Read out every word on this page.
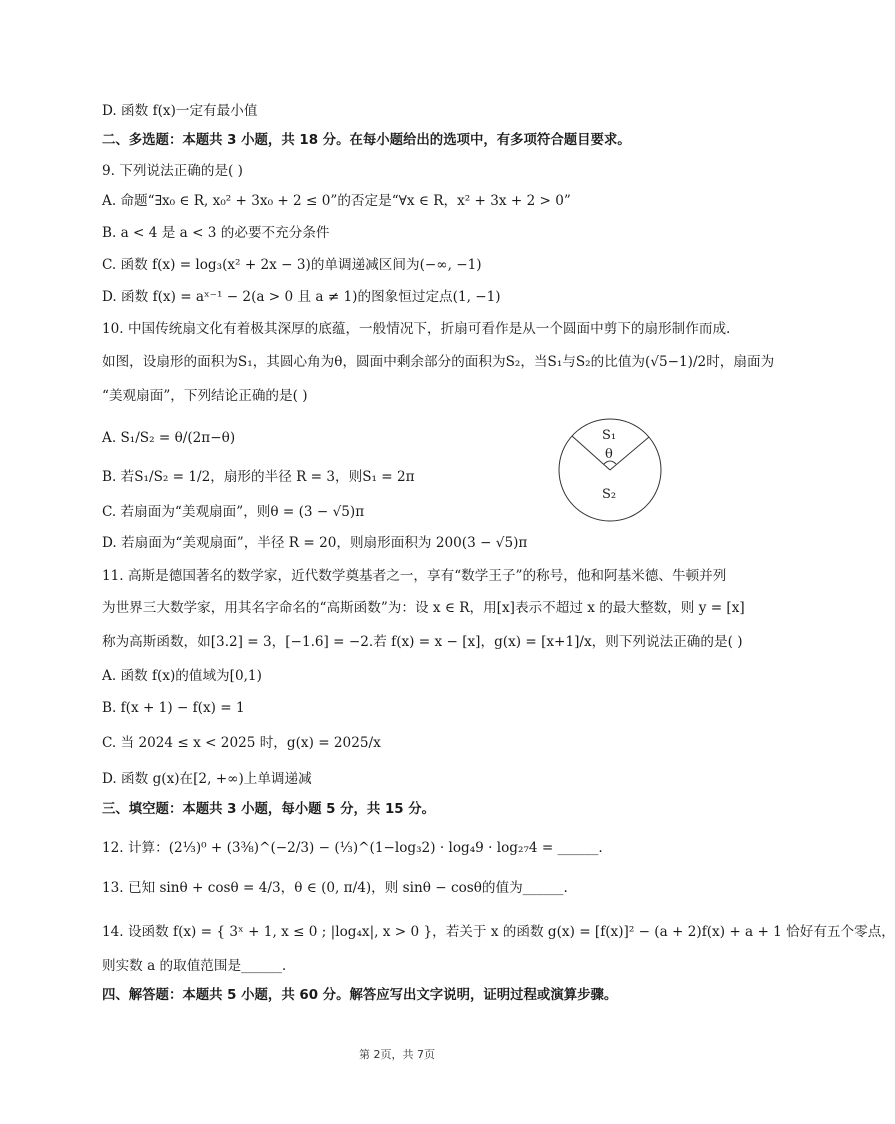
D. 函数 f(x)一定有最小值
二、多选题：本题共 3 小题，共 18 分。在每小题给出的选项中，有多项符合题目要求。
9. 下列说法正确的是( )
A. 命题“∃x₀ ∈ R, x₀² + 3x₀ + 2 ≤ 0”的否定是“∀x ∈ R，x² + 3x + 2 > 0”
B. a < 4 是 a < 3 的必要不充分条件
C. 函数 f(x) = log₃(x² + 2x − 3)的单调递减区间为(−∞, −1)
D. 函数 f(x) = aˣ⁻¹ − 2(a > 0 且 a ≠ 1)的图象恒过定点(1, −1)
10. 中国传统扇文化有着极其深厚的底蕴，一般情况下，折扇可看作是从一个圆面中剪下的扇形制作而成.
如图，设扇形的面积为S₁，其圆心角为θ，圆面中剩余部分的面积为S₂，当S₁与S₂的比值为(√5−1)/2时，扇面为
“美观扇面”，下列结论正确的是( )
A. S₁/S₂ = θ/(2π−θ)
B. 若S₁/S₂ = 1/2，扇形的半径 R = 3，则S₁ = 2π
C. 若扇面为“美观扇面”，则θ = (3 − √5)π
D. 若扇面为“美观扇面”，半径 R = 20，则扇形面积为 200(3 − √5)π
11. 高斯是德国著名的数学家，近代数学奠基者之一，享有“数学王子”的称号，他和阿基米德、牛顿并列
为世界三大数学家，用其名字命名的“高斯函数”为：设 x ∈ R，用[x]表示不超过 x 的最大整数，则 y = [x]
称为高斯函数，如[3.2] = 3，[−1.6] = −2.若 f(x) = x − [x]，g(x) = [x+1]/x，则下列说法正确的是( )
A. 函数 f(x)的值域为[0,1)
B. f(x + 1) − f(x) = 1
C. 当 2024 ≤ x < 2025 时，g(x) = 2025/x
D. 函数 g(x)在[2, +∞)上单调递减
三、填空题：本题共 3 小题，每小题 5 分，共 15 分。
12. 计算：(2⅓)⁰ + (3⅜)^(−2/3) − (⅓)^(1−log₃2) · log₄9 · log₂₇4 = ______.
13. 已知 sinθ + cosθ = 4/3，θ ∈ (0, π/4)，则 sinθ − cosθ的值为______.
14. 设函数 f(x) = { 3ˣ + 1, x ≤ 0 ; |log₄x|, x > 0 }，若关于 x 的函数 g(x) = [f(x)]² − (a + 2)f(x) + a + 1 恰好有五个零点，
则实数 a 的取值范围是______.
四、解答题：本题共 5 小题，共 60 分。解答应写出文字说明，证明过程或演算步骤。
S₁
θ
S₂
第 2页，共 7页
